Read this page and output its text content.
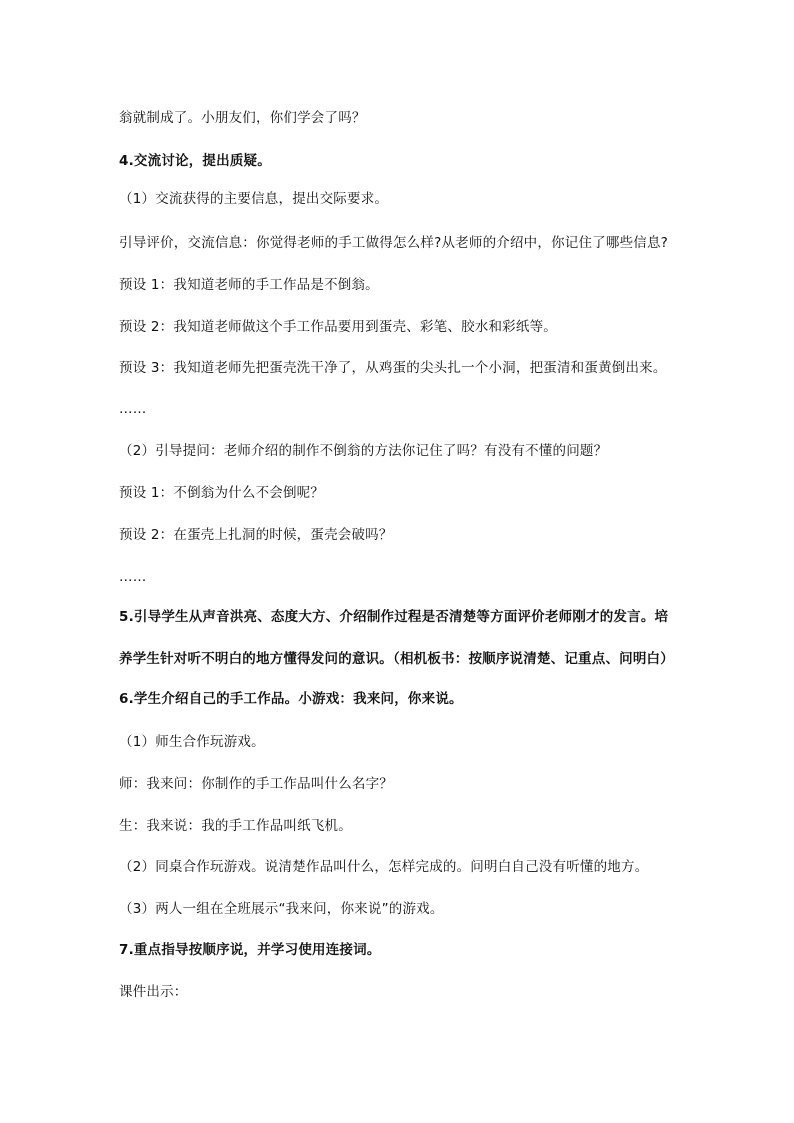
翁就制成了。小朋友们，你们学会了吗？
4.交流讨论，提出质疑。
（1）交流获得的主要信息，提出交际要求。
引导评价，交流信息：你觉得老师的手工做得怎么样?从老师的介绍中，你记住了哪些信息?
预设 1：我知道老师的手工作品是不倒翁。
预设 2：我知道老师做这个手工作品要用到蛋壳、彩笔、胶水和彩纸等。
预设 3：我知道老师先把蛋壳洗干净了，从鸡蛋的尖头扎一个小洞，把蛋清和蛋黄倒出来。
……
（2）引导提问：老师介绍的制作不倒翁的方法你记住了吗？有没有不懂的问题？
预设 1：不倒翁为什么不会倒呢？
预设 2：在蛋壳上扎洞的时候，蛋壳会破吗？
……
5.引导学生从声音洪亮、态度大方、介绍制作过程是否清楚等方面评价老师刚才的发言。培
养学生针对听不明白的地方懂得发问的意识。（相机板书：按顺序说清楚、记重点、问明白）
6.学生介绍自己的手工作品。小游戏：我来问，你来说。
（1）师生合作玩游戏。
师：我来问：你制作的手工作品叫什么名字？
生：我来说：我的手工作品叫纸飞机。
（2）同桌合作玩游戏。说清楚作品叫什么，怎样完成的。问明白自己没有听懂的地方。
（3）两人一组在全班展示“我来问，你来说”的游戏。
7.重点指导按顺序说，并学习使用连接词。
课件出示：
